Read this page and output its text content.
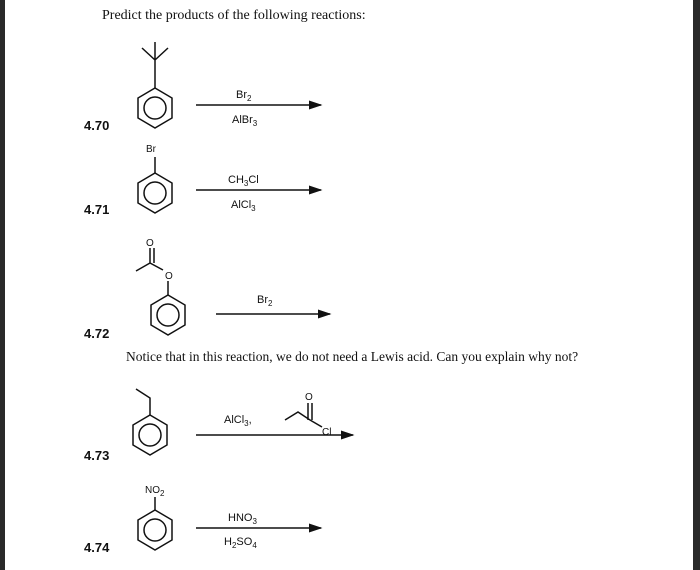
Predict the products of the following reactions:
4.70
4.71
4.72
4.73
4.74
Notice that in this reaction, we do not need a Lewis acid. Can you explain why not?
Br
O
O
O
Cl
$NO_2$
$Br_2$
AlBr$_3$
$CH_3Cl$
AlCl$_3$
$Br_2$
AlCl$_3$,
$HNO_3$
$H_2SO_4$
